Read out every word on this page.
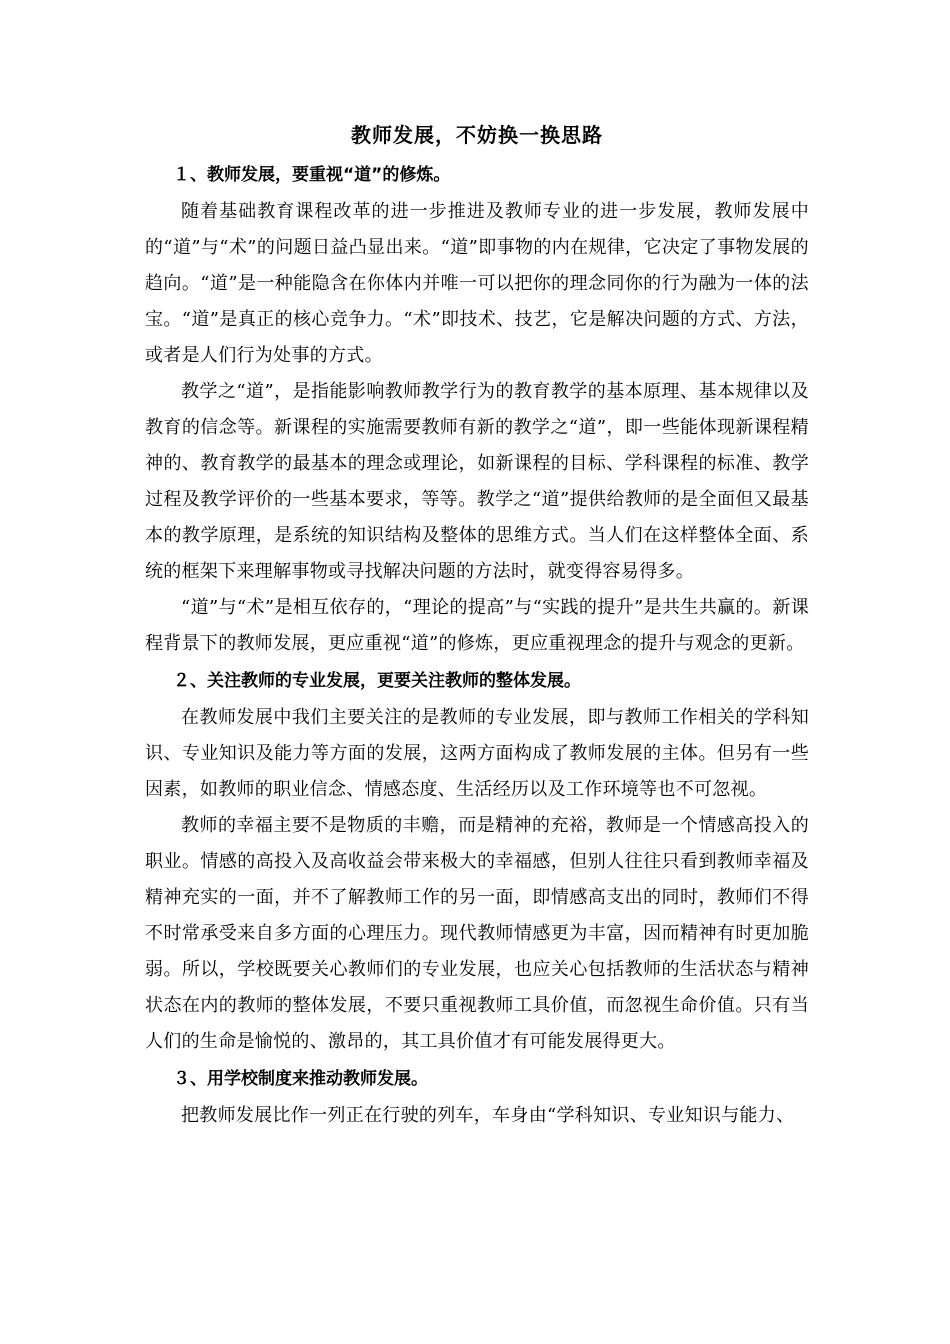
教师发展，不妨换一换思路

１、教师发展，要重视“道”的修炼。

随着基础教育课程改革的进一步推进及教师专业的进一步发展，教师发展中的“道”与“术”的问题日益凸显出来。“道”即事物的内在规律，它决定了事物发展的趋向。“道”是一种能隐含在你体内并唯一可以把你的理念同你的行为融为一体的法宝。“道”是真正的核心竞争力。“术”即技术、技艺，它是解决问题的方式、方法，或者是人们行为处事的方式。

教学之“道”，是指能影响教师教学行为的教育教学的基本原理、基本规律以及教育的信念等。新课程的实施需要教师有新的教学之“道”，即一些能体现新课程精神的、教育教学的最基本的理念或理论，如新课程的目标、学科课程的标准、教学过程及教学评价的一些基本要求，等等。教学之“道”提供给教师的是全面但又最基本的教学原理，是系统的知识结构及整体的思维方式。当人们在这样整体全面、系统的框架下来理解事物或寻找解决问题的方法时，就变得容易得多。

“道”与“术”是相互依存的，“理论的提高”与“实践的提升”是共生共赢的。新课程背景下的教师发展，更应重视“道”的修炼，更应重视理念的提升与观念的更新。

２、关注教师的专业发展，更要关注教师的整体发展。

在教师发展中我们主要关注的是教师的专业发展，即与教师工作相关的学科知识、专业知识及能力等方面的发展，这两方面构成了教师发展的主体。但另有一些因素，如教师的职业信念、情感态度、生活经历以及工作环境等也不可忽视。

教师的幸福主要不是物质的丰赡，而是精神的充裕，教师是一个情感高投入的职业。情感的高投入及高收益会带来极大的幸福感，但别人往往只看到教师幸福及精神充实的一面，并不了解教师工作的另一面，即情感高支出的同时，教师们不得不时常承受来自多方面的心理压力。现代教师情感更为丰富，因而精神有时更加脆弱。所以，学校既要关心教师们的专业发展，也应关心包括教师的生活状态与精神状态在内的教师的整体发展，不要只重视教师工具价值，而忽视生命价值。只有当人们的生命是愉悦的、激昂的，其工具价值才有可能发展得更大。

３、用学校制度来推动教师发展。

把教师发展比作一列正在行驶的列车，车身由“学科知识、专业知识与能力、
